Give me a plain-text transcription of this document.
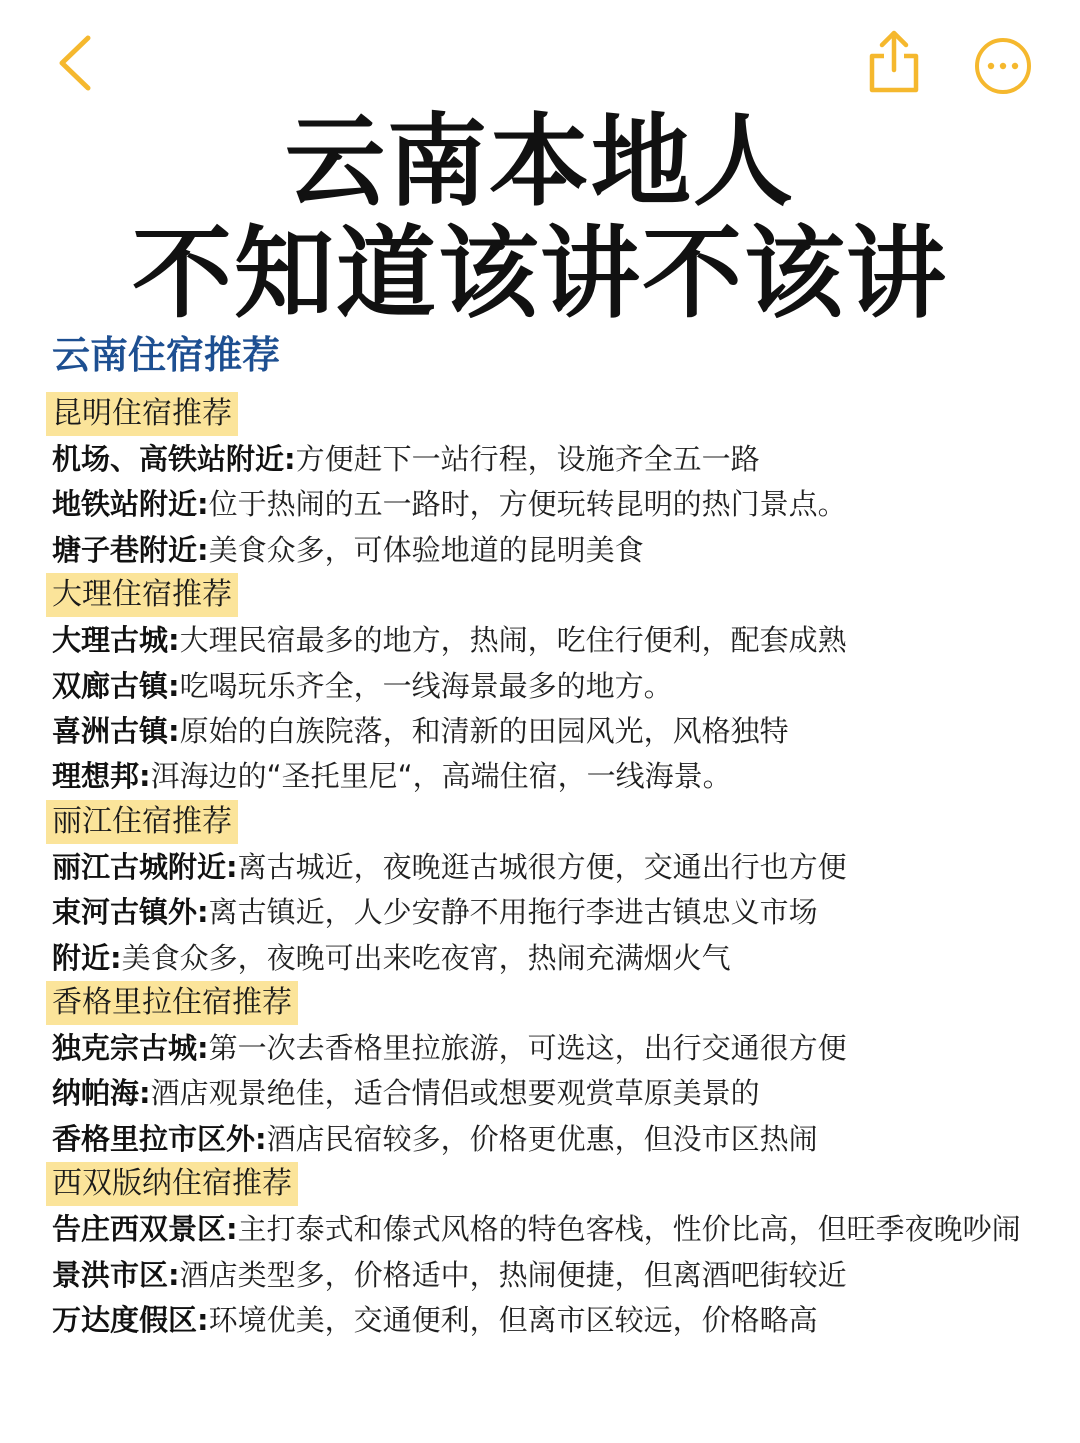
云南本地人
不知道该讲不该讲
云南住宿推荐
昆明住宿推荐
机场、高铁站附近:方便赶下一站行程，设施齐全五一路
地铁站附近:位于热闹的五一路时，方便玩转昆明的热门景点。
塘子巷附近:美食众多，可体验地道的昆明美食
大理住宿推荐
大理古城:大理民宿最多的地方，热闹，吃住行便利，配套成熟
双廊古镇:吃喝玩乐齐全，一线海景最多的地方。
喜洲古镇:原始的白族院落，和清新的田园风光，风格独特
理想邦:洱海边的“圣托里尼“，高端住宿，一线海景。
丽江住宿推荐
丽江古城附近:离古城近，夜晚逛古城很方便，交通出行也方便
束河古镇外:离古镇近，人少安静不用拖行李进古镇忠义市场
附近:美食众多，夜晚可出来吃夜宵，热闹充满烟火气
香格里拉住宿推荐
独克宗古城:第一次去香格里拉旅游，可选这，出行交通很方便
纳帕海:酒店观景绝佳，适合情侣或想要观赏草原美景的
香格里拉市区外:酒店民宿较多，价格更优惠，但没市区热闹
西双版纳住宿推荐
告庄西双景区:主打泰式和傣式风格的特色客栈，性价比高，但旺季夜晚吵闹
景洪市区:酒店类型多，价格适中，热闹便捷，但离酒吧街较近
万达度假区:环境优美，交通便利，但离市区较远，价格略高
